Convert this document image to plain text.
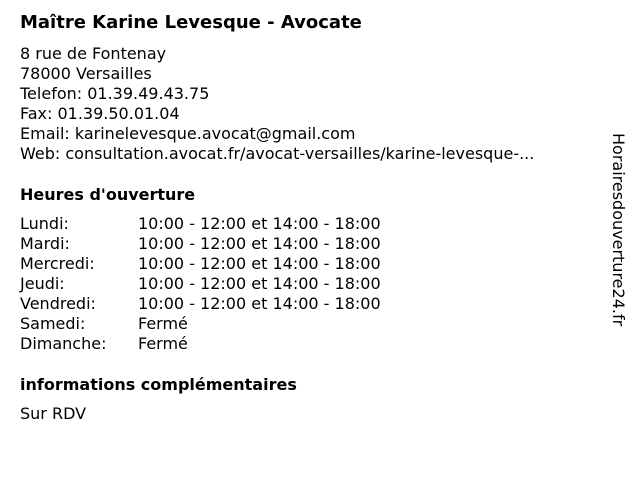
Maître Karine Levesque - Avocate
8 rue de Fontenay
78000 Versailles
Telefon: 01.39.49.43.75
Fax: 01.39.50.01.04
Email: karinelevesque.avocat@gmail.com
Web: consultation.avocat.fr/avocat-versailles/karine-levesque-...
Heures d'ouverture
Lundi:	10:00 - 12:00 et 14:00 - 18:00
Mardi:	10:00 - 12:00 et 14:00 - 18:00
Mercredi:	10:00 - 12:00 et 14:00 - 18:00
Jeudi:	10:00 - 12:00 et 14:00 - 18:00
Vendredi:	10:00 - 12:00 et 14:00 - 18:00
Samedi:	Fermé
Dimanche:	Fermé
informations complémentaires
Sur RDV
Horairesdouverture24.fr
